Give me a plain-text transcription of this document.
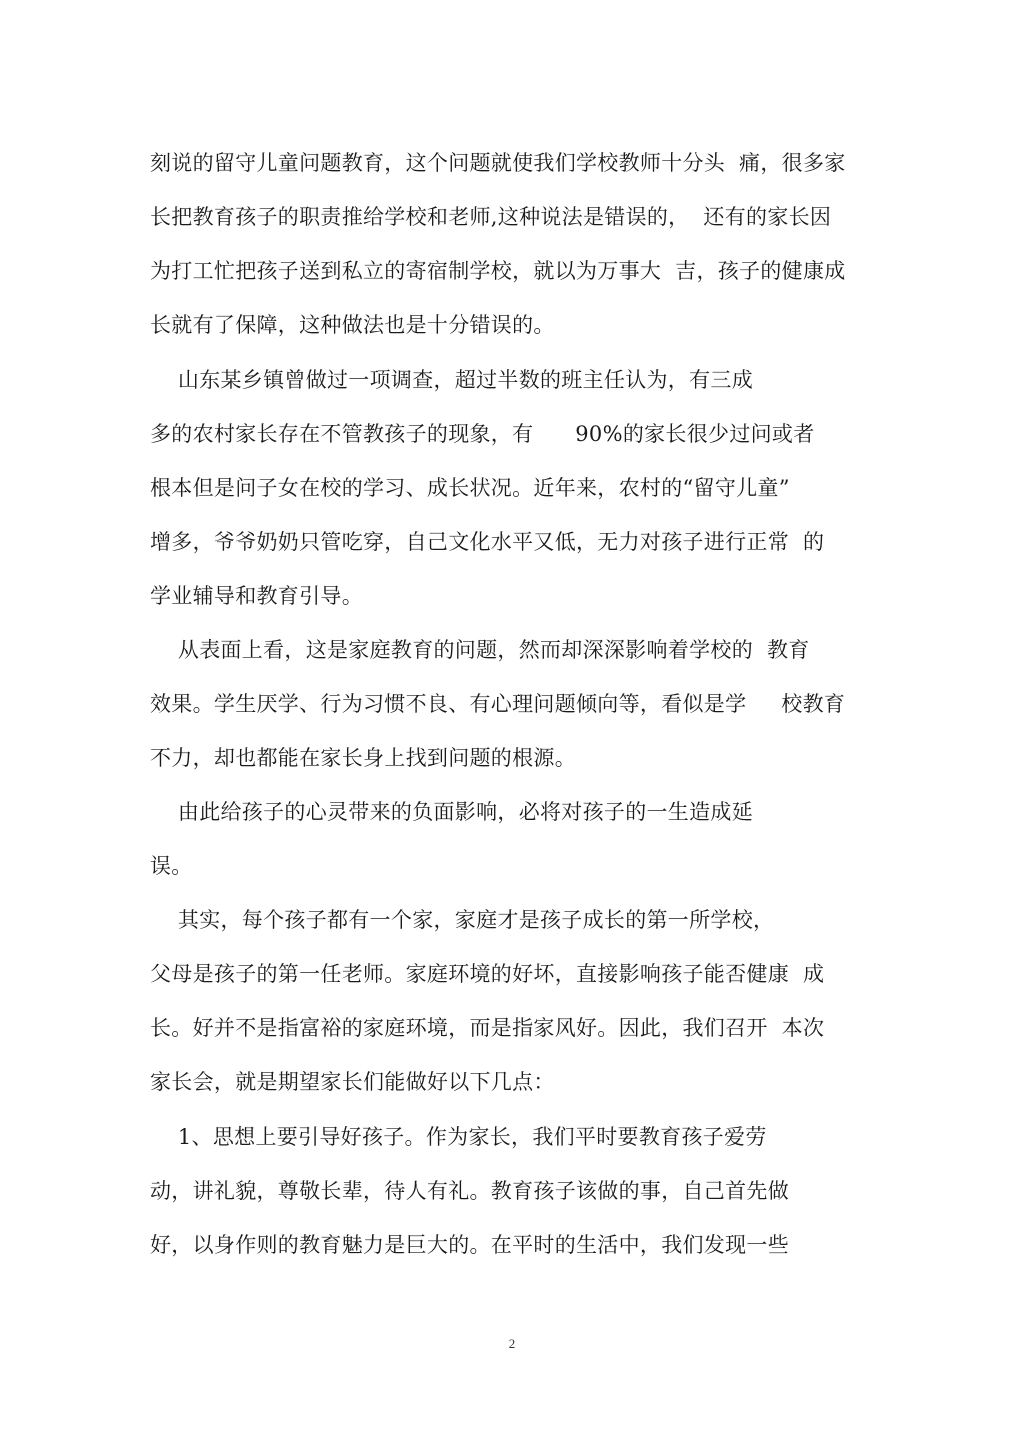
刻说的留守儿童问题教育，这个问题就使我们学校教师十分头  痛，很多家
长把教育孩子的职责推给学校和老师,这种说法是错误的，  还有的家长因
为打工忙把孩子送到私立的寄宿制学校，就以为万事大  吉，孩子的健康成
长就有了保障，这种做法也是十分错误的。
山东某乡镇曾做过一项调查，超过半数的班主任认为，有三成
多的农村家长存在不管教孩子的现象，有      90%的家长很少过问或者
根本但是问子女在校的学习、成长状况。近年来，农村的“留守儿童”
增多，爷爷奶奶只管吃穿，自己文化水平又低，无力对孩子进行正常  的
学业辅导和教育引导。
从表面上看，这是家庭教育的问题，然而却深深影响着学校的  教育
效果。学生厌学、行为习惯不良、有心理问题倾向等，看似是学     校教育
不力，却也都能在家长身上找到问题的根源。
由此给孩子的心灵带来的负面影响，必将对孩子的一生造成延
误。
其实，每个孩子都有一个家，家庭才是孩子成长的第一所学校，
父母是孩子的第一任老师。家庭环境的好坏，直接影响孩子能否健康  成
长。好并不是指富裕的家庭环境，而是指家风好。因此，我们召开  本次
家长会，就是期望家长们能做好以下几点：
1、思想上要引导好孩子。作为家长，我们平时要教育孩子爱劳
动，讲礼貌，尊敬长辈，待人有礼。教育孩子该做的事，自己首先做
好，以身作则的教育魅力是巨大的。在平时的生活中，我们发现一些
2
